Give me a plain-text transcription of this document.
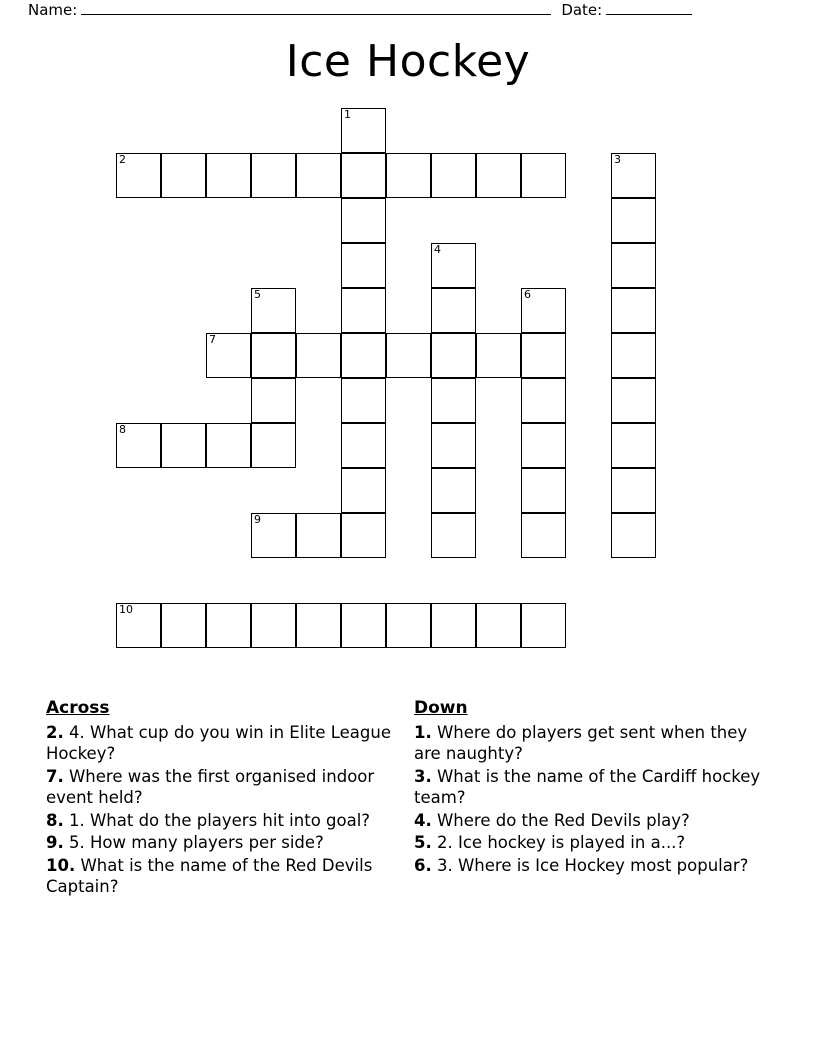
Name:	Date:
Ice Hockey
1
2	3
4
5	6
7
8
9
10
Across
2. 4. What cup do you win in Elite League Hockey?
7. Where was the first organised indoor event held?
8. 1. What do the players hit into goal?
9. 5. How many players per side?
10. What is the name of the Red Devils Captain?
Down
1. Where do players get sent when they are naughty?
3. What is the name of the Cardiff hockey team?
4. Where do the Red Devils play?
5. 2. Ice hockey is played in a...?
6. 3. Where is Ice Hockey most popular?
